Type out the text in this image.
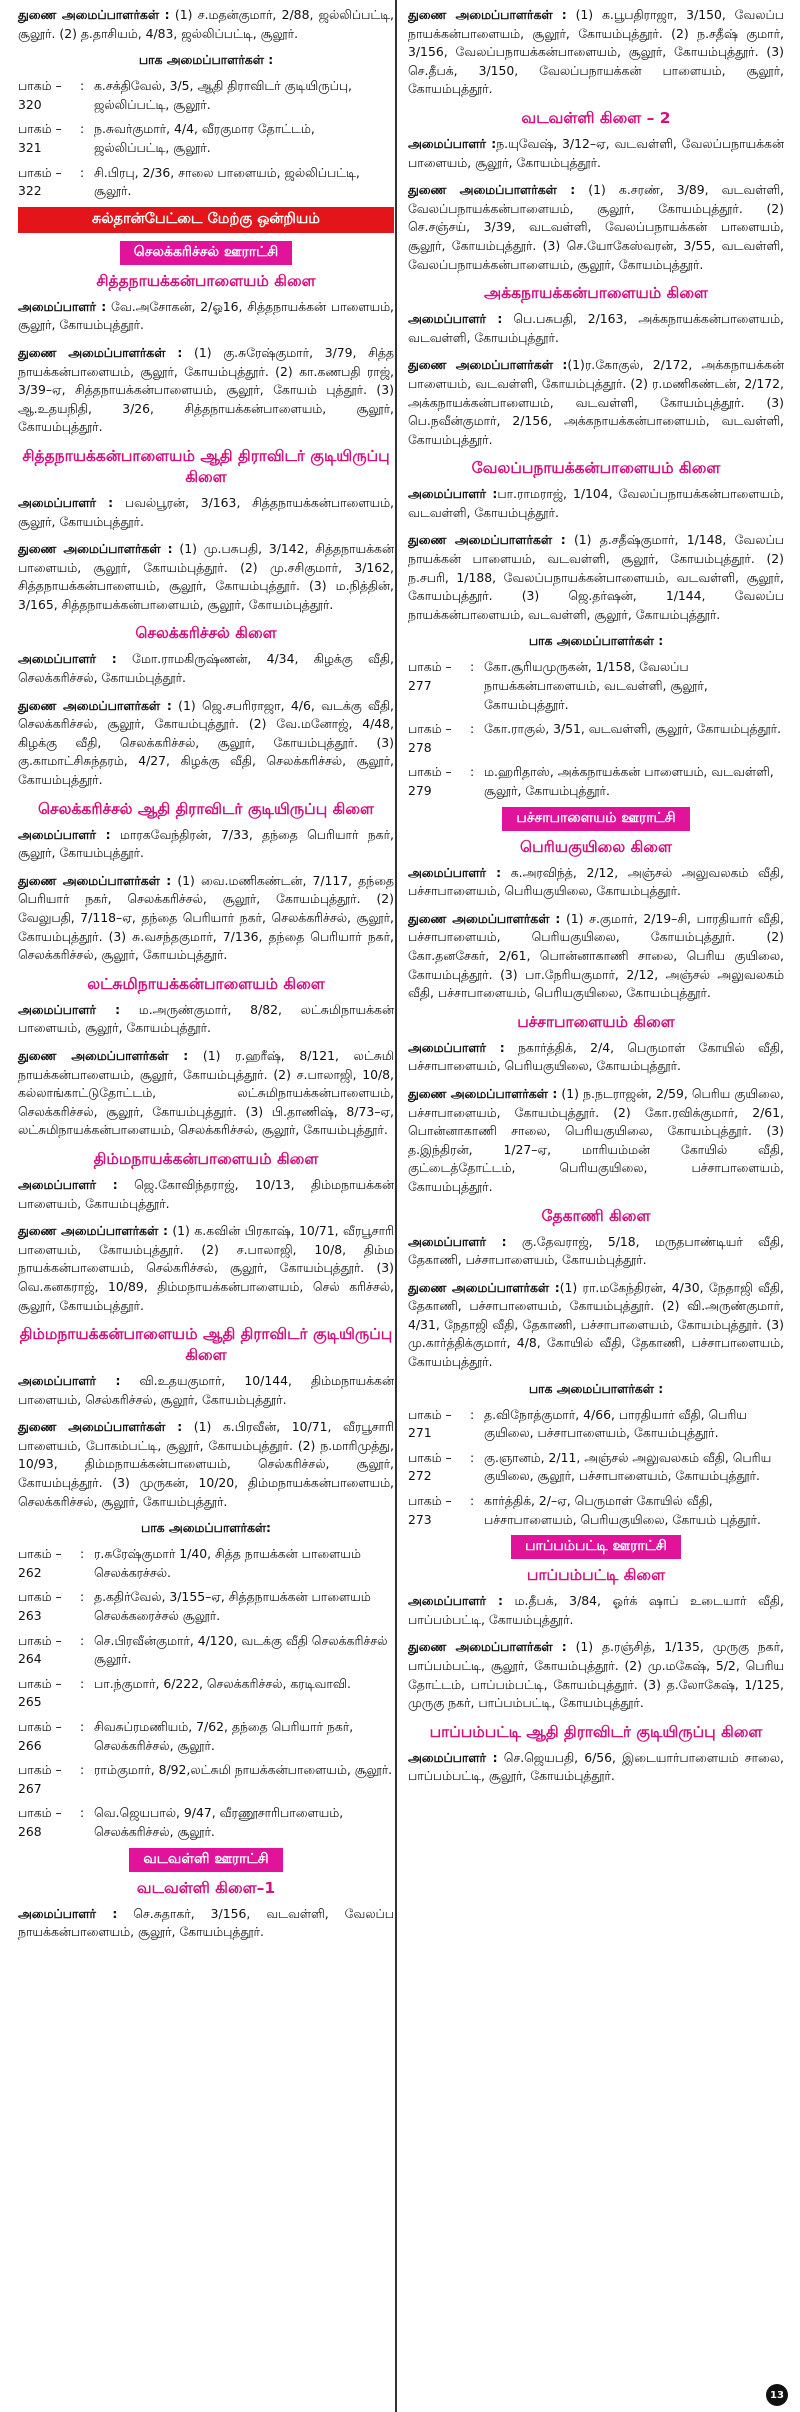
துணை அமைப்பாளர்கள் : (1) ச.மதன்குமார், 2/88, ஜல்லிப்பட்டி, சூலூர். (2) த.தாசியம், 4/83, ஜல்லிப்பட்டி, சூலூர்.

பாக அமைப்பாளர்கள் :
பாகம் – 320
: க.சக்திவேல், 3/5, ஆதி திராவிடர் குடியிருப்பு, ஜல்லிப்பட்டி, சூலூர்.
பாகம் – 321
: ந.சுவர்குமார், 4/4, வீரகுமார தோட்டம், ஜல்லிப்பட்டி, சூலூர்.
பாகம் – 322
: சி.பிரபு, 2/36, சாலை பாளையம், ஜல்லிப்பட்டி, சூலூர்.
சுல்தான்பேட்டை மேற்கு ஒன்றியம்
செலக்கரிச்சல் ஊராட்சி
சித்தநாயக்கன்பாளையம் கிளை

அமைப்பாளர் : வே.அசோகன், 2/ஓ16, சித்தநாயக்கன் பாளையம், சூலூர், கோயம்புத்தூர்.

துணை அமைப்பாளர்கள் : (1) கு.சுரேஷ்குமார், 3/79, சித்த நாயக்கன்பாளையம், சூலூர், கோயம்புத்தூர். (2) கா.கணபதி ராஜ், 3/39–ஏ, சித்தநாயக்கன்பாளையம், சூலூர், கோயம் புத்தூர். (3) ஆ.உதயநிதி, 3/26, சித்தநாயக்கன்பாளையம், சூலூர், கோயம்புத்தூர்.

சித்தநாயக்கன்பாளையம் ஆதி திராவிடர் குடியிருப்பு கிளை

அமைப்பாளர் : பவல்பூரன், 3/163, சித்தநாயக்கன்பாளையம், சூலூர், கோயம்புத்தூர்.

துணை அமைப்பாளர்கள் : (1) மு.பசுபதி, 3/142, சித்தநாயக்கன் பாளையம், சூலூர், கோயம்புத்தூர். (2) மு.சசிகுமார், 3/162, சித்தநாயக்கன்பாளையம், சூலூர், கோயம்புத்தூர். (3) ம.நித்தின், 3/165, சித்தநாயக்கன்பாளையம், சூலூர், கோயம்புத்தூர்.

செலக்கரிச்சல் கிளை

அமைப்பாளர் : மோ.ராமகிருஷ்ணன், 4/34, கிழக்கு வீதி, செலக்கரிச்சல், கோயம்புத்தூர்.

துணை அமைப்பாளர்கள் : (1) ஜெ.சபரிராஜா, 4/6, வடக்கு வீதி, செலக்கரிச்சல், சூலூர், கோயம்புத்தூர். (2) வே.மனோஜ், 4/48, கிழக்கு வீதி, செலக்கரிச்சல், சூலூர், கோயம்புத்தூர். (3) கு.காமாட்சிசுந்தரம், 4/27, கிழக்கு வீதி, செலக்கரிச்சல், சூலூர், கோயம்புத்தூர்.

செலக்கரிச்சல் ஆதி திராவிடர் குடியிருப்பு கிளை

அமைப்பாளர் : மாரகவேந்திரன், 7/33, தந்தை பெரியார் நகர், சூலூர், கோயம்புத்தூர்.

துணை அமைப்பாளர்கள் : (1) வை.மணிகண்டன், 7/117, தந்தை பெரியார் நகர், செலக்கரிச்சல், சூலூர், கோயம்புத்தூர். (2) வேலுபதி, 7/118–ஏ, தந்தை பெரியார் நகர், செலக்கரிச்சல், சூலூர், கோயம்புத்தூர். (3) சு.வசந்தகுமார், 7/136, தந்தை பெரியார் நகர், செலக்கரிச்சல், சூலூர், கோயம்புத்தூர்.

லட்சுமிநாயக்கன்பாளையம் கிளை

அமைப்பாளர் : ம.அருண்குமார், 8/82, லட்சுமிநாயக்கன் பாளையம், சூலூர், கோயம்புத்தூர்.

துணை அமைப்பாளர்கள் : (1) ர.ஹரீஷ், 8/121, லட்சுமி நாயக்கன்பாளையம், சூலூர், கோயம்புத்தூர். (2) ச.பாலாஜி, 10/8, கல்லாங்காட்டுதோட்டம், லட்சுமிநாயக்கன்பாளையம், செலக்கரிச்சல், சூலூர், கோயம்புத்தூர். (3) பி.தாணிஷ், 8/73–ஏ, லட்சுமிநாயக்கன்பாளையம், செலக்கரிச்சல், சூலூர், கோயம்புத்தூர்.

திம்மநாயக்கன்பாளையம் கிளை

அமைப்பாளர் : ஜெ.கோவிந்தராஜ், 10/13, திம்மநாயக்கன் பாளையம், கோயம்புத்தூர்.

துணை அமைப்பாளர்கள் : (1) க.கவின் பிரகாஷ், 10/71, வீரபூசாரி பாளையம், கோயம்புத்தூர். (2) ச.பாலாஜி, 10/8, திம்ம நாயக்கன்பாளையம், செல்கரிச்சல், சூலூர், கோயம்புத்தூர். (3) வெ.கனகராஜ், 10/89, திம்மநாயக்கன்பாளையம், செல் கரிச்சல், சூலூர், கோயம்புத்தூர்.

திம்மநாயக்கன்பாளையம் ஆதி திராவிடர் குடியிருப்பு கிளை

அமைப்பாளர் : வி.உதயகுமார், 10/144, திம்மநாயக்கன் பாளையம், செல்கரிச்சல், சூலூர், கோயம்புத்தூர்.

துணை அமைப்பாளர்கள் : (1) க.பிரவீன், 10/71, வீரபூசாரி பாளையம், போகம்பட்டி, சூலூர், கோயம்புத்தூர். (2) ந.மாரிமுத்து, 10/93, திம்மநாயக்கன்பாளையம், செல்கரிச்சல், சூலூர், கோயம்புத்தூர். (3) முருகன், 10/20, திம்மநாயக்கன்பாளையம், செலக்கரிச்சல், சூலூர், கோயம்புத்தூர்.

பாக அமைப்பாளர்கள்:
பாகம் – 262
: ர.சுரேஷ்குமார் 1/40, சித்த நாயக்கன் பாளையம் செலக்கரச்சல்.
பாகம் – 263
: த.கதிர்வேல், 3/155–ஏ, சித்தநாயக்கன் பாளையம் செலக்கரைச்சல் சூலூர்.
பாகம் – 264
: செ.பிரவீன்குமார், 4/120, வடக்கு வீதி செலக்கரிச்சல் சூலூர்.
பாகம் – 265
: பா.ந்குமார், 6/222, செலக்கரிச்சல், கரடிவாவி.
பாகம் – 266
: சிவசுப்ரமணியம், 7/62, தந்தை பெரியார் நகர், செலக்கரிச்சல், சூலூர்.
பாகம் – 267
: ராம்குமார், 8/92,லட்சுமி நாயக்கன்பாளையம், சூலூர்.
பாகம் – 268
: வெ.ஜெயபால், 9/47, வீரணூசாரிபாளையம், செலக்கரிச்சல், சூலூர்.
வடவள்ளி ஊராட்சி
வடவள்ளி கிளை–1

அமைப்பாளர் : செ.சுதாகர், 3/156, வடவள்ளி, வேலப்ப நாயக்கன்பாளையம், சூலூர், கோயம்புத்தூர்.

துணை அமைப்பாளர்கள் : (1) க.பூபதிராஜா, 3/150, வேலப்ப நாயக்கன்பாளையம், சூலூர், கோயம்புத்தூர். (2) ந.சதீஷ் குமார், 3/156, வேலப்பநாயக்கன்பாளையம், சூலூர், கோயம்புத்தூர். (3) செ.தீபக், 3/150, வேலப்பநாயக்கன் பாளையம், சூலூர், கோயம்புத்தூர்.

வடவள்ளி கிளை – 2

அமைப்பாளர் :ந.யுவேஷ், 3/12–ஏ, வடவள்ளி, வேலப்பநாயக்கன் பாளையம், சூலூர், கோயம்புத்தூர்.

துணை அமைப்பாளர்கள் : (1) க.சரண், 3/89, வடவள்ளி, வேலப்பநாயக்கன்பாளையம், சூலூர், கோயம்புத்தூர். (2) செ.சஞ்சய், 3/39, வடவள்ளி, வேலப்பநாயக்கன் பாளையம், சூலூர், கோயம்புத்தூர். (3) செ.யோகேஸ்வரன், 3/55, வடவள்ளி, வேலப்பநாயக்கன்பாளையம், சூலூர், கோயம்புத்தூர்.

அக்கநாயக்கன்பாளையம் கிளை

அமைப்பாளர் : பெ.பசுபதி, 2/163, அக்கநாயக்கன்பாளையம், வடவள்ளி, கோயம்புத்தூர்.

துணை அமைப்பாளர்கள் :(1)ர.கோகுல், 2/172, அக்கநாயக்கன் பாளையம், வடவள்ளி, கோயம்புத்தூர். (2) ர.மணிகண்டன், 2/172, அக்கநாயக்கன்பாளையம், வடவள்ளி, கோயம்புத்தூர். (3) பெ.நவீன்குமார், 2/156, அக்கநாயக்கன்பாளையம், வடவள்ளி, கோயம்புத்தூர்.

வேலப்பநாயக்கன்பாளையம் கிளை

அமைப்பாளர் :பா.ராமராஜ், 1/104, வேலப்பநாயக்கன்பாளையம், வடவள்ளி, கோயம்புத்தூர்.

துணை அமைப்பாளர்கள் : (1) த.சதீஷ்குமார், 1/148, வேலப்ப நாயக்கன் பாளையம், வடவள்ளி, சூலூர், கோயம்புத்தூர். (2) ந.சபரி, 1/188, வேலப்பநாயக்கன்பாளையம், வடவள்ளி, சூலூர், கோயம்புத்தூர். (3) ஜெ.தர்ஷன், 1/144, வேலப்ப நாயக்கன்பாளையம், வடவள்ளி, சூலூர், கோயம்புத்தூர்.

பாக அமைப்பாளர்கள் :
பாகம் – 277
: கோ.சூரியமுருகன், 1/158, வேலப்ப நாயக்கன்பாளையம், வடவள்ளி, சூலூர், கோயம்புத்தூர்.
பாகம் – 278
: கோ.ராகுல், 3/51, வடவள்ளி, சூலூர், கோயம்புத்தூர்.
பாகம் – 279
: ம.ஹரிதாஸ், அக்கநாயக்கன் பாளையம், வடவள்ளி, சூலூர், கோயம்புத்தூர்.
பச்சாபாளையம் ஊராட்சி
பெரியகுயிலை கிளை

அமைப்பாளர் : க.அரவிந்த், 2/12, அஞ்சல் அலுவலகம் வீதி, பச்சாபாளையம், பெரியகுயிலை, கோயம்புத்தூர்.

துணை அமைப்பாளர்கள் : (1) ச.குமார், 2/19–சி, பாரதியார் வீதி, பச்சாபாளையம், பெரியகுயிலை, கோயம்புத்தூர். (2) கோ.தனசேகர், 2/61, பொன்னாகாணி சாலை, பெரிய குயிலை, கோயம்புத்தூர். (3) பா.நேரியகுமார், 2/12, அஞ்சல் அலுவலகம் வீதி, பச்சாபாளையம், பெரியகுயிலை, கோயம்புத்தூர்.

பச்சாபாளையம் கிளை

அமைப்பாளர் : நகார்த்திக், 2/4, பெருமாள் கோயில் வீதி, பச்சாபாளையம், பெரியகுயிலை, கோயம்புத்தூர்.

துணை அமைப்பாளர்கள் : (1) ந.நடராஜன், 2/59, பெரிய குயிலை, பச்சாபாளையம், கோயம்புத்தூர். (2) கோ.ரவிக்குமார், 2/61, பொன்னாகாணி சாலை, பெரியகுயிலை, கோயம்புத்தூர். (3) த.இந்திரன், 1/27–ஏ, மாரியம்மன் கோயில் வீதி, குட்டைத்தோட்டம், பெரியகுயிலை, பச்சாபாளையம், கோயம்புத்தூர்.

தேகாணி கிளை

அமைப்பாளர் : கு.தேவராஜ், 5/18, மருதபாண்டியர் வீதி, தேகாணி, பச்சாபாளையம், கோயம்புத்தூர்.

துணை அமைப்பாளர்கள் :(1) ரா.மகேந்திரன், 4/30, நேதாஜி வீதி, தேகாணி, பச்சாபாளையம், கோயம்புத்தூர். (2) வி.அருண்குமார், 4/31, நேதாஜி வீதி, தேகாணி, பச்சாபாளையம், கோயம்புத்தூர். (3) மு.கார்த்திக்குமார், 4/8, கோயில் வீதி, தேகாணி, பச்சாபாளையம், கோயம்புத்தூர்.

பாக அமைப்பாளர்கள் :
பாகம் – 271
: த.விநோத்குமார், 4/66, பாரதியார் வீதி, பெரிய குயிலை, பச்சாபாளையம், கோயம்புத்தூர்.
பாகம் – 272
: கு.ஞானம், 2/11, அஞ்சல் அலுவலகம் வீதி, பெரிய குயிலை, சூலூர், பச்சாபாளையம், கோயம்புத்தூர்.
பாகம் – 273
: கார்த்திக், 2/–ஏ, பெருமாள் கோயில் வீதி, பச்சாபாளையம், பெரியகுயிலை, கோயம் புத்தூர்.
பாப்பம்பட்டி ஊராட்சி
பாப்பம்பட்டி கிளை

அமைப்பாளர் : ம.தீபக், 3/84, ஓர்க் ஷாப் உடையார் வீதி, பாப்பம்பட்டி, கோயம்புத்தூர்.

துணை அமைப்பாளர்கள் : (1) த.ரஞ்சித், 1/135, முருகு நகர், பாப்பம்பட்டி, சூலூர், கோயம்புத்தூர். (2) மு.மகேஷ், 5/2, பெரிய தோட்டம், பாப்பம்பட்டி, கோயம்புத்தூர். (3) த.லோகேஷ், 1/125, முருகு நகர், பாப்பம்பட்டி, கோயம்புத்தூர்.

பாப்பம்பட்டி ஆதி திராவிடர் குடியிருப்பு கிளை

அமைப்பாளர் : செ.ஜெயபதி, 6/56, இடையார்பாளையம் சாலை, பாப்பம்பட்டி, சூலூர், கோயம்புத்தூர்.

13
